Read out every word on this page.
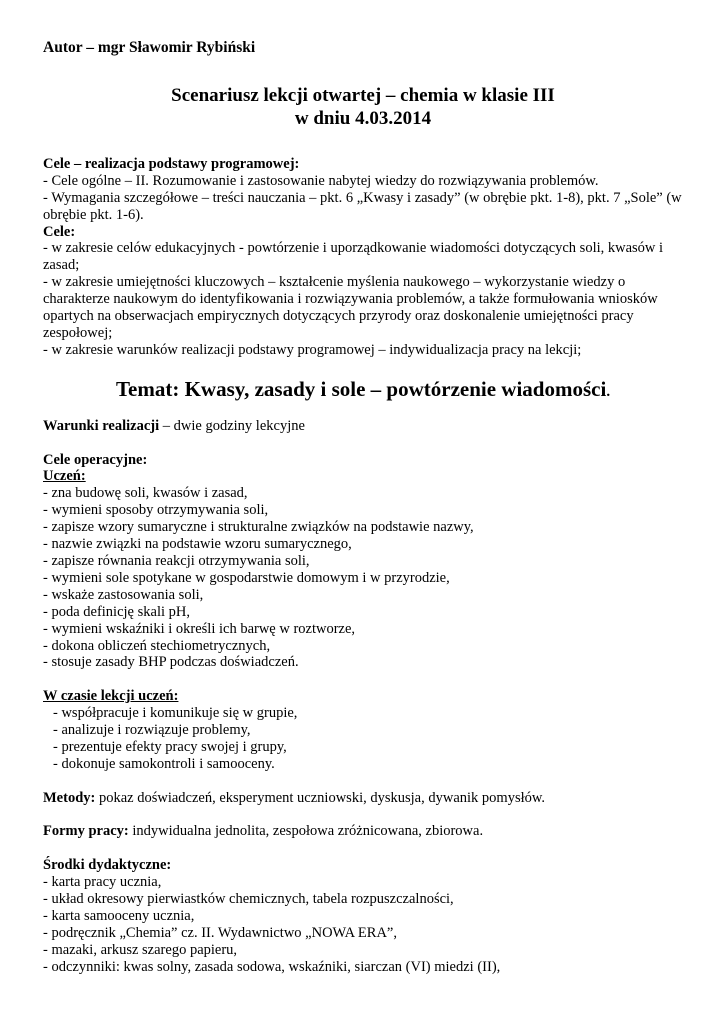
Autor – mgr Sławomir Rybiński
Scenariusz lekcji otwartej – chemia w klasie III
w dniu 4.03.2014
Cele – realizacja podstawy programowej:
- Cele ogólne – II. Rozumowanie i zastosowanie nabytej wiedzy do rozwiązywania problemów.
- Wymagania szczegółowe – treści nauczania – pkt. 6 „Kwasy i zasady” (w obrębie pkt. 1-8), pkt. 7 „Sole” (w obrębie pkt. 1-6).
Cele:
- w zakresie celów edukacyjnych - powtórzenie i uporządkowanie wiadomości dotyczących soli, kwasów i zasad;
- w zakresie umiejętności kluczowych – kształcenie myślenia naukowego – wykorzystanie wiedzy o charakterze naukowym do identyfikowania i rozwiązywania problemów, a także formułowania wniosków opartych na obserwacjach empirycznych dotyczących przyrody oraz doskonalenie umiejętności pracy zespołowej;
- w zakresie warunków realizacji podstawy programowej – indywidualizacja pracy na lekcji;
Temat: Kwasy, zasady i sole – powtórzenie wiadomości.
Warunki realizacji – dwie godziny lekcyjne
Cele operacyjne:
Uczeń:
- zna budowę soli, kwasów i zasad,
- wymieni sposoby otrzymywania soli,
- zapisze wzory sumaryczne i strukturalne związków na podstawie nazwy,
- nazwie związki na podstawie wzoru sumarycznego,
- zapisze równania reakcji otrzymywania soli,
- wymieni sole spotykane w gospodarstwie domowym i w przyrodzie,
- wskaże zastosowania soli,
- poda definicję skali pH,
- wymieni wskaźniki i określi ich barwę w roztworze,
- dokona obliczeń stechiometrycznych,
- stosuje zasady BHP podczas doświadczeń.
W czasie lekcji uczeń:
- współpracuje i komunikuje się w grupie,
- analizuje i rozwiązuje problemy,
- prezentuje efekty pracy swojej i grupy,
- dokonuje samokontroli i samooceny.
Metody: pokaz doświadczeń, eksperyment uczniowski, dyskusja, dywanik pomysłów.
Formy pracy: indywidualna jednolita, zespołowa zróżnicowana, zbiorowa.
Środki dydaktyczne:
- karta pracy ucznia,
- układ okresowy pierwiastków chemicznych, tabela rozpuszczalności,
- karta samooceny ucznia,
- podręcznik „Chemia” cz. II. Wydawnictwo „NOWA ERA”,
- mazaki, arkusz szarego papieru,
- odczynniki: kwas solny, zasada sodowa, wskaźniki, siarczan (VI) miedzi (II),
